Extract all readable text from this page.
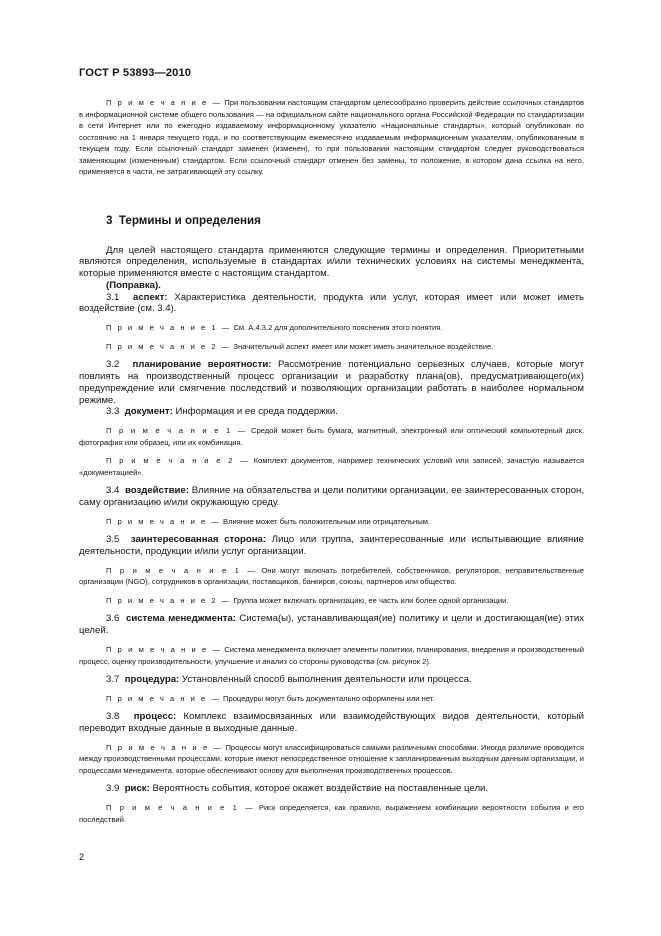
ГОСТ Р 53893—2010

П р и м е ч а н и е — При пользовании настоящим стандартом целесообразно проверить действие ссылочных стандартов в информационной системе общего пользования — на официальном сайте национального органа Российской Федерации по стандартизации в сети Интернет или по ежегодно издаваемому информационному указателю «Национальные стандарты», который опубликован по состоянию на 1 января текущего года, и по соответствующим ежемесячно издаваемым информационным указателям, опубликованным в текущем году. Если ссылочный стандарт заменен (изменен), то при пользовании настоящим стандартом следует руководствоваться заменяющим (измененным) стандартом. Если ссылочный стандарт отменен без замены, то положение, в котором дана ссылка на него, применяется в части, не затрагивающей эту ссылку.

3 Термины и определения

Для целей настоящего стандарта применяются следующие термины и определения. Приоритетными являются определения, используемые в стандартах и/или технических условиях на системы менеджмента, которые применяются вместе с настоящим стандартом.

(Поправка).

3.1 аспект: Характеристика деятельности, продукта или услуг, которая имеет или может иметь воздействие (см. 3.4).

П р и м е ч а н и е 1 — См. А.4.3.2 для дополнительного пояснения этого понятия.

П р и м е ч а н и е 2 — Значительный аспект имеет или может иметь значительное воздействие.

3.2 планирование вероятности: Рассмотрение потенциально серьезных случаев, которые могут повлиять на производственный процесс организации и разработку плана(ов), предусматривающего(их) предупреждение или смягчение последствий и позволяющих организации работать в наиболее нормальном режиме.

3.3 документ: Информация и ее среда поддержки.

П р и м е ч а н и е 1 — Средой может быть бумага, магнитный, электронный или оптический компьютерный диск, фотография или образец, или их комбинация.

П р и м е ч а н и е 2 — Комплект документов, например технических условий или записей, зачастую называется «документацией».

3.4 воздействие: Влияние на обязательства и цели политики организации, ее заинтересованных сторон, саму организацию и/или окружающую среду.

П р и м е ч а н и е — Влияние может быть положительным или отрицательным.

3.5 заинтересованная сторона: Лицо или группа, заинтересованные или испытывающие влияние деятельности, продукции и/или услуг организации.

П р и м е ч а н и е 1 — Они могут включать потребителей, собственников, регуляторов, неправительственные организации (NGO), сотрудников в организации, поставщиков, банкиров, союзы, партнеров или общество.

П р и м е ч а н и е 2 — Группа может включать организацию, ее часть или более одной организации.

3.6 система менеджмента: Система(ы), устанавливающая(ие) политику и цели и достигающая(ие) этих целей.

П р и м е ч а н и е — Система менеджмента включает элементы политики, планирования, внедрения и производственный процесс, оценку производительности, улучшение и анализ со стороны руководства (см. рисунок 2).

3.7 процедура: Установленный способ выполнения деятельности или процесса.

П р и м е ч а н и е — Процедуры могут быть документально оформлены или нет.

3.8 процесс: Комплекс взаимосвязанных или взаимодействующих видов деятельности, который переводит входные данные в выходные данные.

П р и м е ч а н и е — Процессы могут классифицироваться самыми различными способами. Иногда различие проводится между производственными процессами, которые имеют непосредственное отношение к запланированным выходным данным организации, и процессами менеджмента, которые обеспечивают основу для выполнения производственных процессов.

3.9 риск: Вероятность события, которое окажет воздействие на поставленные цели.

П р и м е ч а н и е 1 — Риск определяется, как правило, выражением комбинации вероятности события и его последствий.

2
